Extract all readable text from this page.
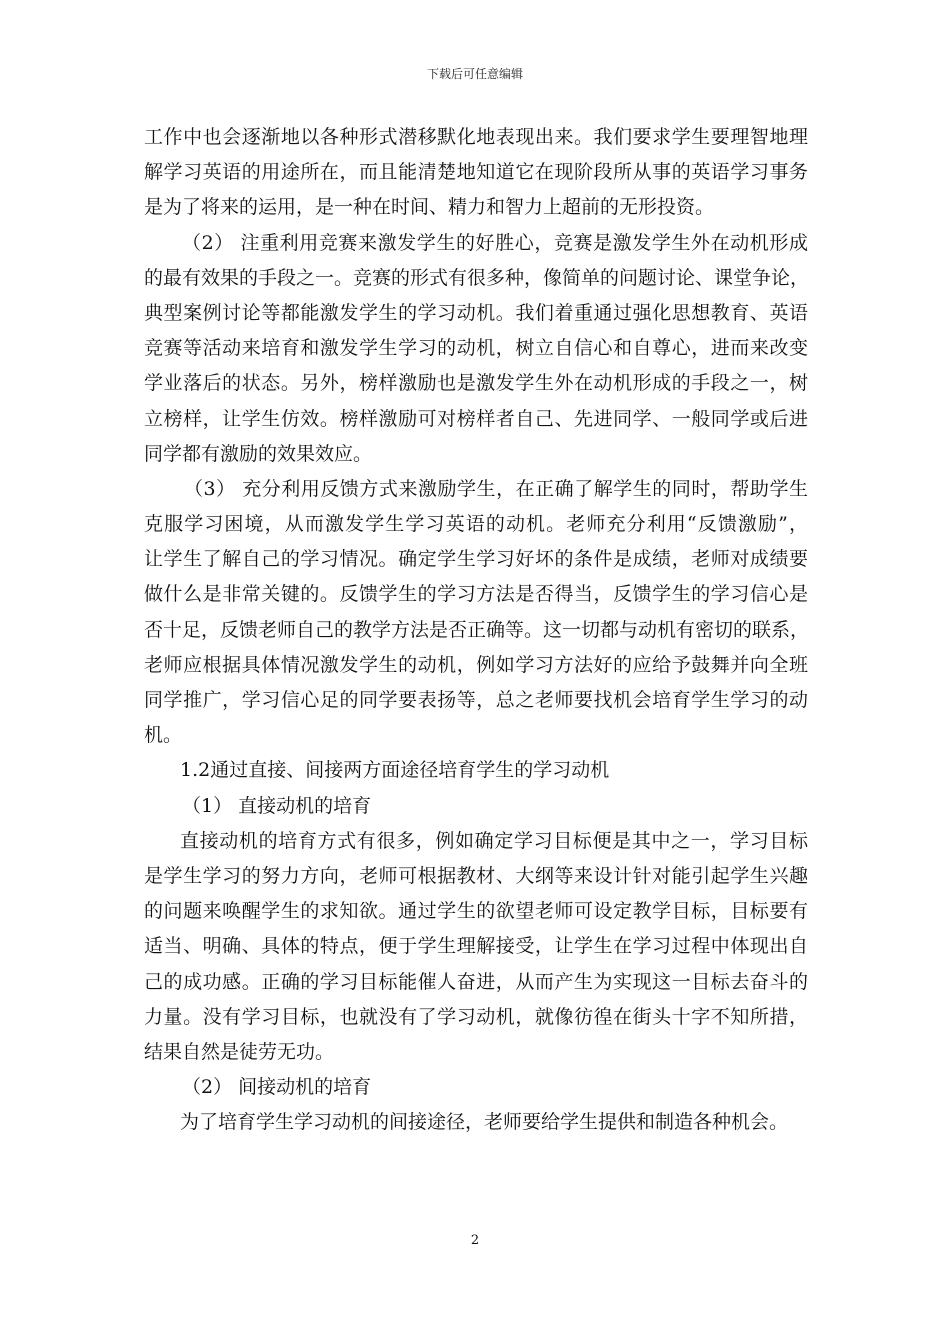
下载后可任意编辑
工作中也会逐渐地以各种形式潜移默化地表现出来。我们要求学生要理智地理
解学习英语的用途所在，而且能清楚地知道它在现阶段所从事的英语学习事务
是为了将来的运用，是一种在时间、精力和智力上超前的无形投资。
（2） 注重利用竞赛来激发学生的好胜心，竞赛是激发学生外在动机形成
的最有效果的手段之一。竞赛的形式有很多种，像简单的问题讨论、课堂争论，
典型案例讨论等都能激发学生的学习动机。我们着重通过强化思想教育、英语
竞赛等活动来培育和激发学生学习的动机，树立自信心和自尊心，进而来改变
学业落后的状态。另外，榜样激励也是激发学生外在动机形成的手段之一，树
立榜样，让学生仿效。榜样激励可对榜样者自己、先进同学、一般同学或后进
同学都有激励的效果效应。
（3） 充分利用反馈方式来激励学生，在正确了解学生的同时，帮助学生
克服学习困境，从而激发学生学习英语的动机。老师充分利用“反馈激励”，
让学生了解自己的学习情况。确定学生学习好坏的条件是成绩，老师对成绩要
做什么是非常关键的。反馈学生的学习方法是否得当，反馈学生的学习信心是
否十足，反馈老师自己的教学方法是否正确等。这一切都与动机有密切的联系，
老师应根据具体情况激发学生的动机，例如学习方法好的应给予鼓舞并向全班
同学推广，学习信心足的同学要表扬等，总之老师要找机会培育学生学习的动
机。
1.2通过直接、间接两方面途径培育学生的学习动机
（1） 直接动机的培育
直接动机的培育方式有很多，例如确定学习目标便是其中之一，学习目标
是学生学习的努力方向，老师可根据教材、大纲等来设计针对能引起学生兴趣
的问题来唤醒学生的求知欲。通过学生的欲望老师可设定教学目标，目标要有
适当、明确、具体的特点，便于学生理解接受，让学生在学习过程中体现出自
己的成功感。正确的学习目标能催人奋进，从而产生为实现这一目标去奋斗的
力量。没有学习目标，也就没有了学习动机，就像彷徨在街头十字不知所措，
结果自然是徒劳无功。
（2） 间接动机的培育
为了培育学生学习动机的间接途径，老师要给学生提供和制造各种机会。
2
